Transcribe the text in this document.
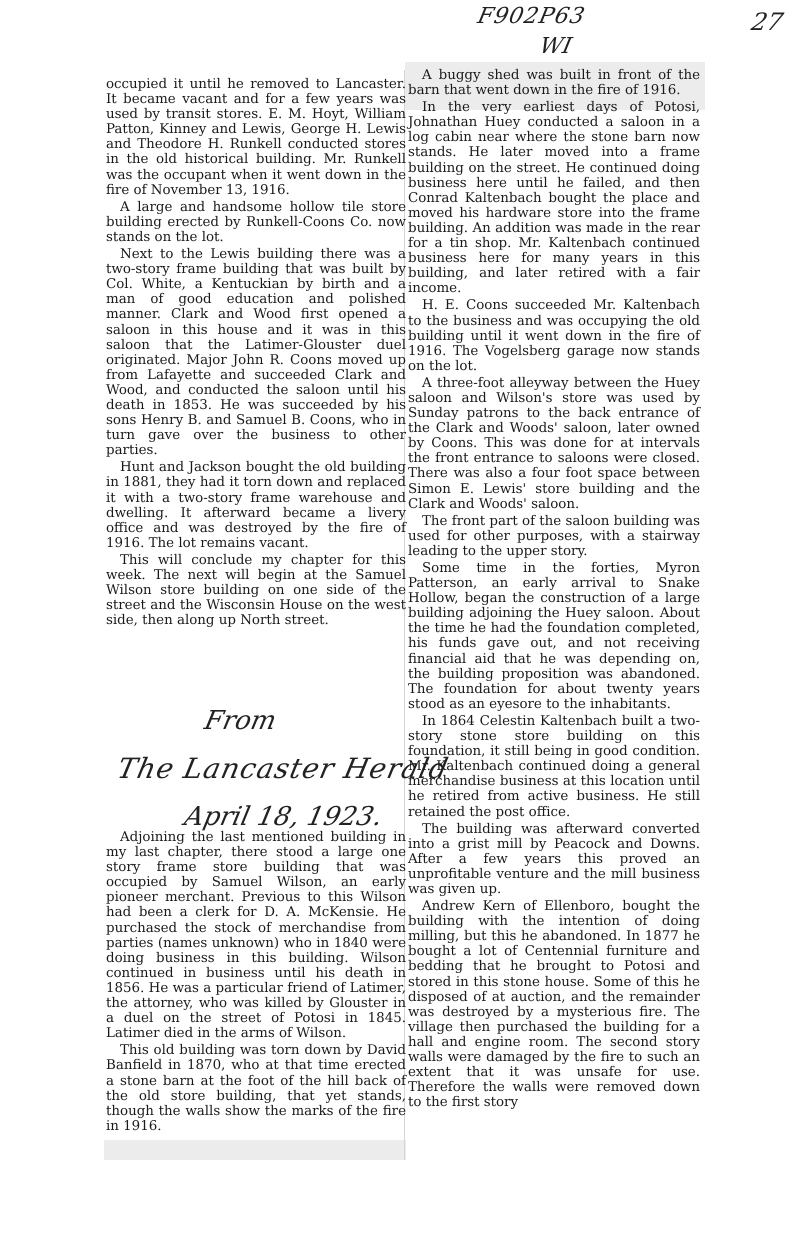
F902P63
WI
27

occupied it until he removed to Lancaster. It became vacant and for a few years was used by transit stores. E. M. Hoyt, William Patton, Kinney and Lewis, George H. Lewis and Theodore H. Runkell conducted stores in the old historical building. Mr. Runkell was the occupant when it went down in the fire of November 13, 1916.

A large and handsome hollow tile store building erected by Runkell-Coons Co. now stands on the lot.

Next to the Lewis building there was a two-story frame building that was built by Col. White, a Kentuckian by birth and a man of good education and polished manner. Clark and Wood first opened a saloon in this house and it was in this saloon that the Latimer-Glouster duel originated. Major John R. Coons moved up from Lafayette and succeeded Clark and Wood, and conducted the saloon until his death in 1853. He was succeeded by his sons Henry B. and Samuel B. Coons, who in turn gave over the business to other parties.

Hunt and Jackson bought the old building in 1881, they had it torn down and replaced it with a two-story frame warehouse and dwelling. It afterward became a livery office and was destroyed by the fire of 1916. The lot remains vacant.

This will conclude my chapter for this week. The next will begin at the Samuel Wilson store building on one side of the street and the Wisconsin House on the west side, then along up North street.

From
The Lancaster Herald
April 18, 1923.

Adjoining the last mentioned building in my last chapter, there stood a large one story frame store building that was occupied by Samuel Wilson, an early pioneer merchant. Previous to this Wilson had been a clerk for D. A. McKensie. He purchased the stock of merchandise from parties (names unknown) who in 1840 were doing business in this building. Wilson continued in business until his death in 1856. He was a particular friend of Latimer, the attorney, who was killed by Glouster in a duel on the street of Potosi in 1845. Latimer died in the arms of Wilson.

This old building was torn down by David Banfield in 1870, who at that time erected a stone barn at the foot of the hill back of the old store building, that yet stands, though the walls show the marks of the fire in 1916.

A buggy shed was built in front of the barn that went down in the fire of 1916.

In the very earliest days of Potosi, Johnathan Huey conducted a saloon in a log cabin near where the stone barn now stands. He later moved into a frame building on the street. He continued doing business here until he failed, and then Conrad Kaltenbach bought the place and moved his hardware store into the frame building. An addition was made in the rear for a tin shop. Mr. Kaltenbach continued business here for many years in this building, and later retired with a fair income.

H. E. Coons succeeded Mr. Kaltenbach to the business and was occupying the old building until it went down in the fire of 1916. The Vogelsberg garage now stands on the lot.

A three-foot alleyway between the Huey saloon and Wilson's store was used by Sunday patrons to the back entrance of the Clark and Woods' saloon, later owned by Coons. This was done for at intervals the front entrance to saloons were closed. There was also a four foot space between Simon E. Lewis' store building and the Clark and Woods' saloon.

The front part of the saloon building was used for other purposes, with a stairway leading to the upper story.

Some time in the forties, Myron Patterson, an early arrival to Snake Hollow, began the construction of a large building adjoining the Huey saloon. About the time he had the foundation completed, his funds gave out, and not receiving financial aid that he was depending on, the building proposition was abandoned. The foundation for about twenty years stood as an eyesore to the inhabitants.

In 1864 Celestin Kaltenbach built a two-story stone store building on this foundation, it still being in good condition. Mr. Kaltenbach continued doing a general merchandise business at this location until he retired from active business. He still retained the post office.

The building was afterward converted into a grist mill by Peacock and Downs. After a few years this proved an unprofitable venture and the mill business was given up.

Andrew Kern of Ellenboro, bought the building with the intention of doing milling, but this he abandoned. In 1877 he bought a lot of Centennial furniture and bedding that he brought to Potosi and stored in this stone house. Some of this he disposed of at auction, and the remainder was destroyed by a mysterious fire. The village then purchased the building for a hall and engine room. The second story walls were damaged by the fire to such an extent that it was unsafe for use. Therefore the walls were removed down to the first story
